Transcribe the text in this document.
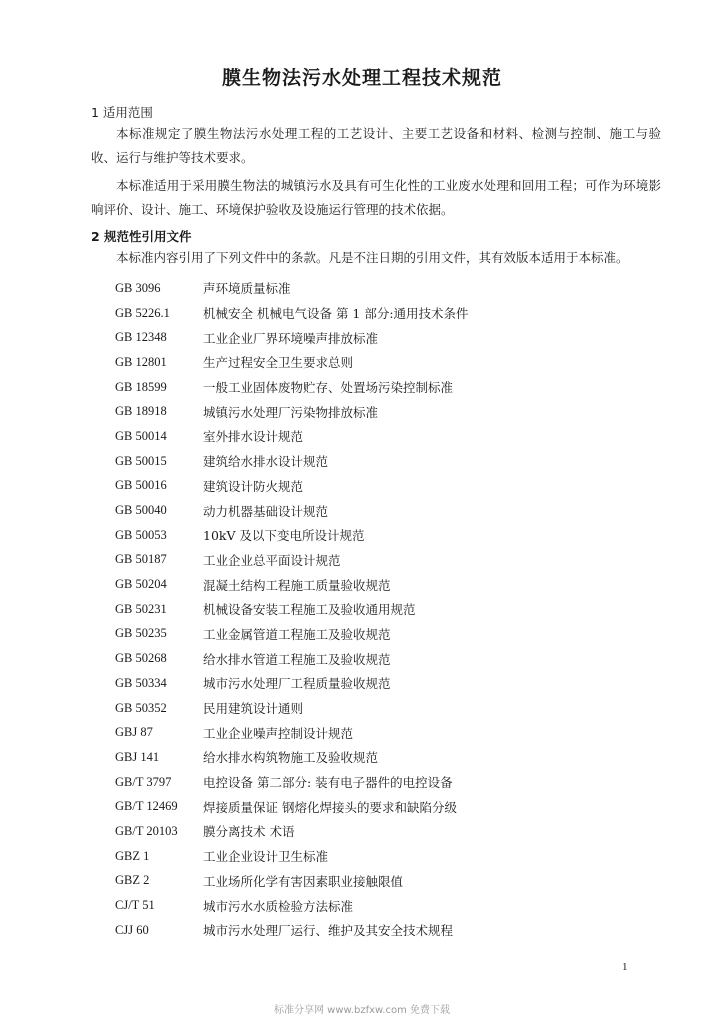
膜生物法污水处理工程技术规范
1 适用范围
本标准规定了膜生物法污水处理工程的工艺设计、主要工艺设备和材料、检测与控制、施工与验收、运行与维护等技术要求。
本标准适用于采用膜生物法的城镇污水及具有可生化性的工业废水处理和回用工程；可作为环境影响评价、设计、施工、环境保护验收及设施运行管理的技术依据。
2 规范性引用文件
本标准内容引用了下列文件中的条款。凡是不注日期的引用文件，其有效版本适用于本标准。
GB 3096	声环境质量标准
GB 5226.1	机械安全 机械电气设备 第 1 部分:通用技术条件
GB 12348	工业企业厂界环境噪声排放标准
GB 12801	生产过程安全卫生要求总则
GB 18599	一般工业固体废物贮存、处置场污染控制标准
GB 18918	城镇污水处理厂污染物排放标准
GB 50014	室外排水设计规范
GB 50015	建筑给水排水设计规范
GB 50016	建筑设计防火规范
GB 50040	动力机器基础设计规范
GB 50053	10kV 及以下变电所设计规范
GB 50187	工业企业总平面设计规范
GB 50204	混凝土结构工程施工质量验收规范
GB 50231	机械设备安装工程施工及验收通用规范
GB 50235	工业金属管道工程施工及验收规范
GB 50268	给水排水管道工程施工及验收规范
GB 50334	城市污水处理厂工程质量验收规范
GB 50352	民用建筑设计通则
GBJ 87	工业企业噪声控制设计规范
GBJ 141	给水排水构筑物施工及验收规范
GB/T 3797	电控设备 第二部分: 装有电子器件的电控设备
GB/T 12469	焊接质量保证 钢熔化焊接头的要求和缺陷分级
GB/T 20103	膜分离技术 术语
GBZ 1	工业企业设计卫生标准
GBZ 2	工业场所化学有害因素职业接触限值
CJ/T 51	城市污水水质检验方法标准
CJJ 60	城市污水处理厂运行、维护及其安全技术规程
1
标准分享网 www.bzfxw.com 免费下载
